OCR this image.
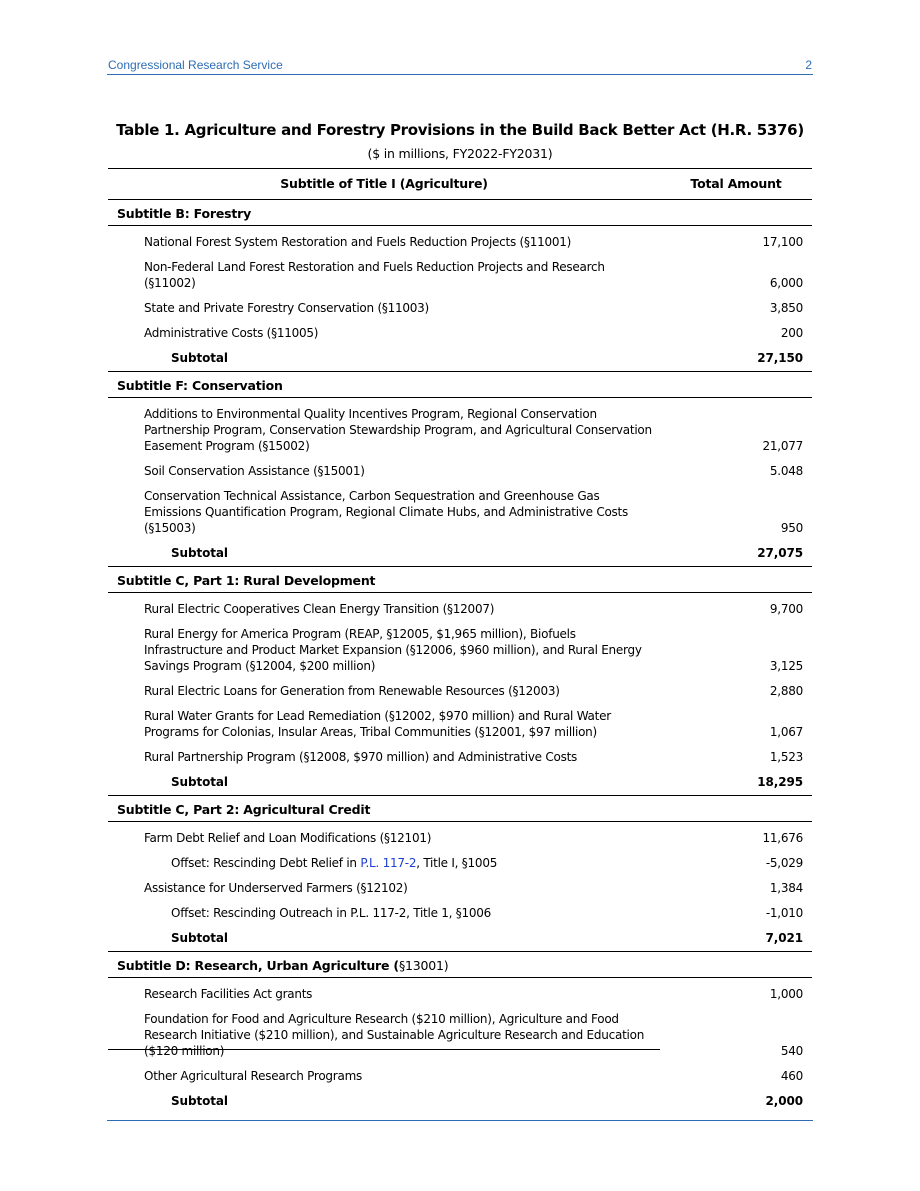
Congressional Research Service	2
Table 1. Agriculture and Forestry Provisions in the Build Back Better Act (H.R. 5376)
($ in millions, FY2022-FY2031)
Subtitle of Title I (Agriculture)	Total Amount
Subtitle B: Forestry
National Forest System Restoration and Fuels Reduction Projects (§11001)	17,100
Non-Federal Land Forest Restoration and Fuels Reduction Projects and Research (§11002)	6,000
State and Private Forestry Conservation (§11003)	3,850
Administrative Costs (§11005)	200
Subtotal	27,150
Subtitle F: Conservation
Additions to Environmental Quality Incentives Program, Regional Conservation Partnership Program, Conservation Stewardship Program, and Agricultural Conservation Easement Program (§15002)	21,077
Soil Conservation Assistance (§15001)	5.048
Conservation Technical Assistance, Carbon Sequestration and Greenhouse Gas Emissions Quantification Program, Regional Climate Hubs, and Administrative Costs (§15003)	950
Subtotal	27,075
Subtitle C, Part 1: Rural Development
Rural Electric Cooperatives Clean Energy Transition (§12007)	9,700
Rural Energy for America Program (REAP, §12005, $1,965 million), Biofuels Infrastructure and Product Market Expansion (§12006, $960 million), and Rural Energy Savings Program (§12004, $200 million)	3,125
Rural Electric Loans for Generation from Renewable Resources (§12003)	2,880
Rural Water Grants for Lead Remediation (§12002, $970 million) and Rural Water Programs for Colonias, Insular Areas, Tribal Communities (§12001, $97 million)	1,067
Rural Partnership Program (§12008, $970 million) and Administrative Costs	1,523
Subtotal	18,295
Subtitle C, Part 2: Agricultural Credit
Farm Debt Relief and Loan Modifications (§12101)	11,676
Offset: Rescinding Debt Relief in P.L. 117-2, Title I, §1005	-5,029
Assistance for Underserved Farmers (§12102)	1,384
Offset: Rescinding Outreach in P.L. 117-2, Title 1, §1006	-1,010
Subtotal	7,021
Subtitle D: Research, Urban Agriculture (§13001)
Research Facilities Act grants	1,000
Foundation for Food and Agriculture Research ($210 million), Agriculture and Food Research Initiative ($210 million), and Sustainable Agriculture Research and Education ($120 million)	540
Other Agricultural Research Programs	460
Subtotal	2,000
